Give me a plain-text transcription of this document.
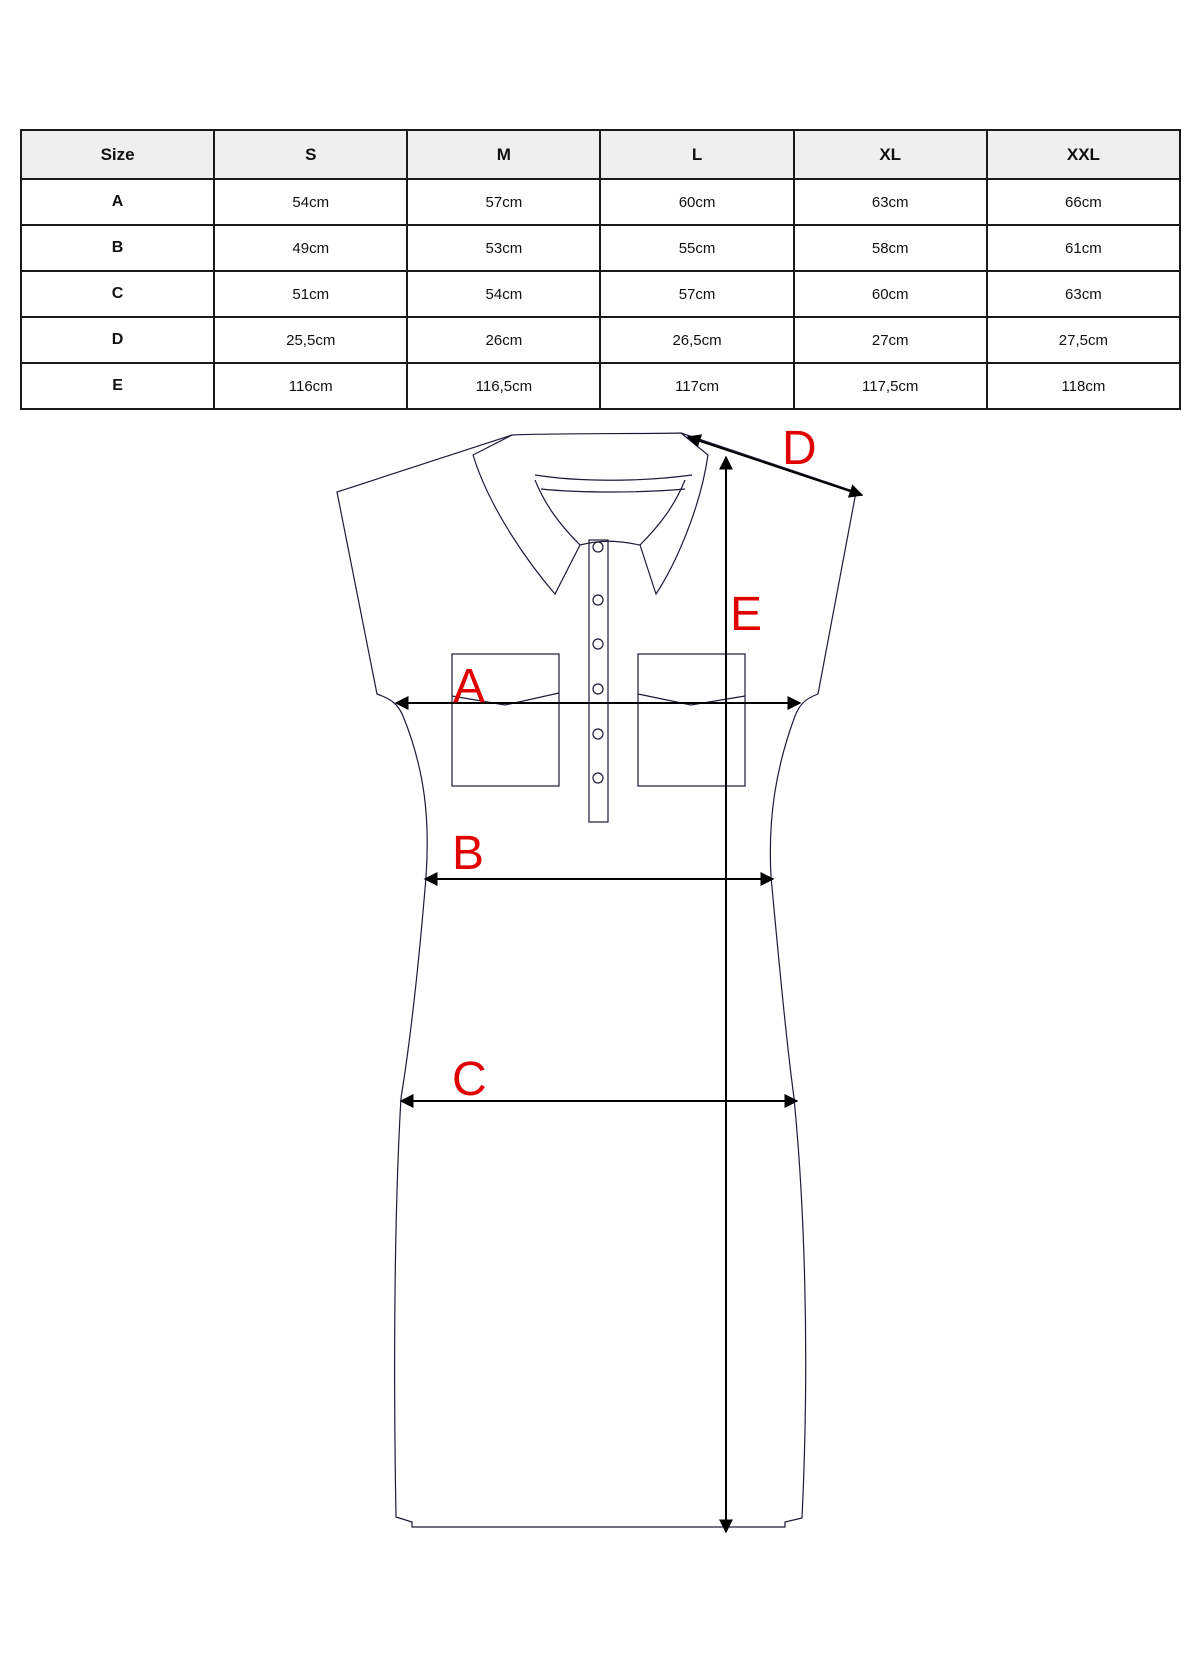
Size	S	M	L	XL	XXL
A	54cm	57cm	60cm	63cm	66cm
B	49cm	53cm	55cm	58cm	61cm
C	51cm	54cm	57cm	60cm	63cm
D	25,5cm	26cm	26,5cm	27cm	27,5cm
E	116cm	116,5cm	117cm	117,5cm	118cm
A
B
C
D
E
